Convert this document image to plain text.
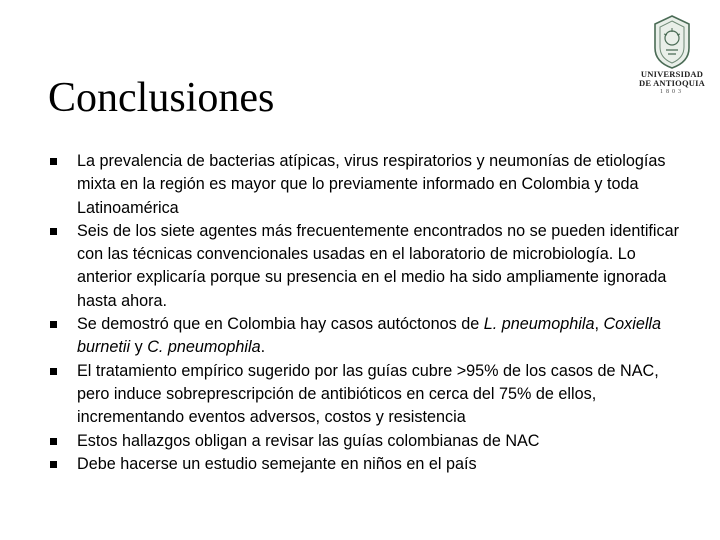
Conclusiones
UNIVERSIDAD
DE ANTIOQUIA
1803
La prevalencia de bacterias atípicas, virus respiratorios y neumonías de etiologías mixta en la región es mayor que lo previamente informado en Colombia y toda Latinoamérica
Seis de los siete agentes más frecuentemente encontrados no se pueden identificar con las técnicas convencionales usadas en el laboratorio de microbiología. Lo anterior explicaría porque su presencia en el medio ha sido ampliamente ignorada hasta ahora.
Se demostró que en Colombia hay casos autóctonos de L. pneumophila, Coxiella burnetii y C. pneumophila.
El tratamiento empírico sugerido por las guías cubre >95% de los casos de NAC, pero induce sobreprescripción de antibióticos en cerca del 75% de ellos, incrementando eventos adversos, costos y resistencia
Estos hallazgos obligan a revisar las guías colombianas de NAC
Debe hacerse un estudio semejante en niños en el país
